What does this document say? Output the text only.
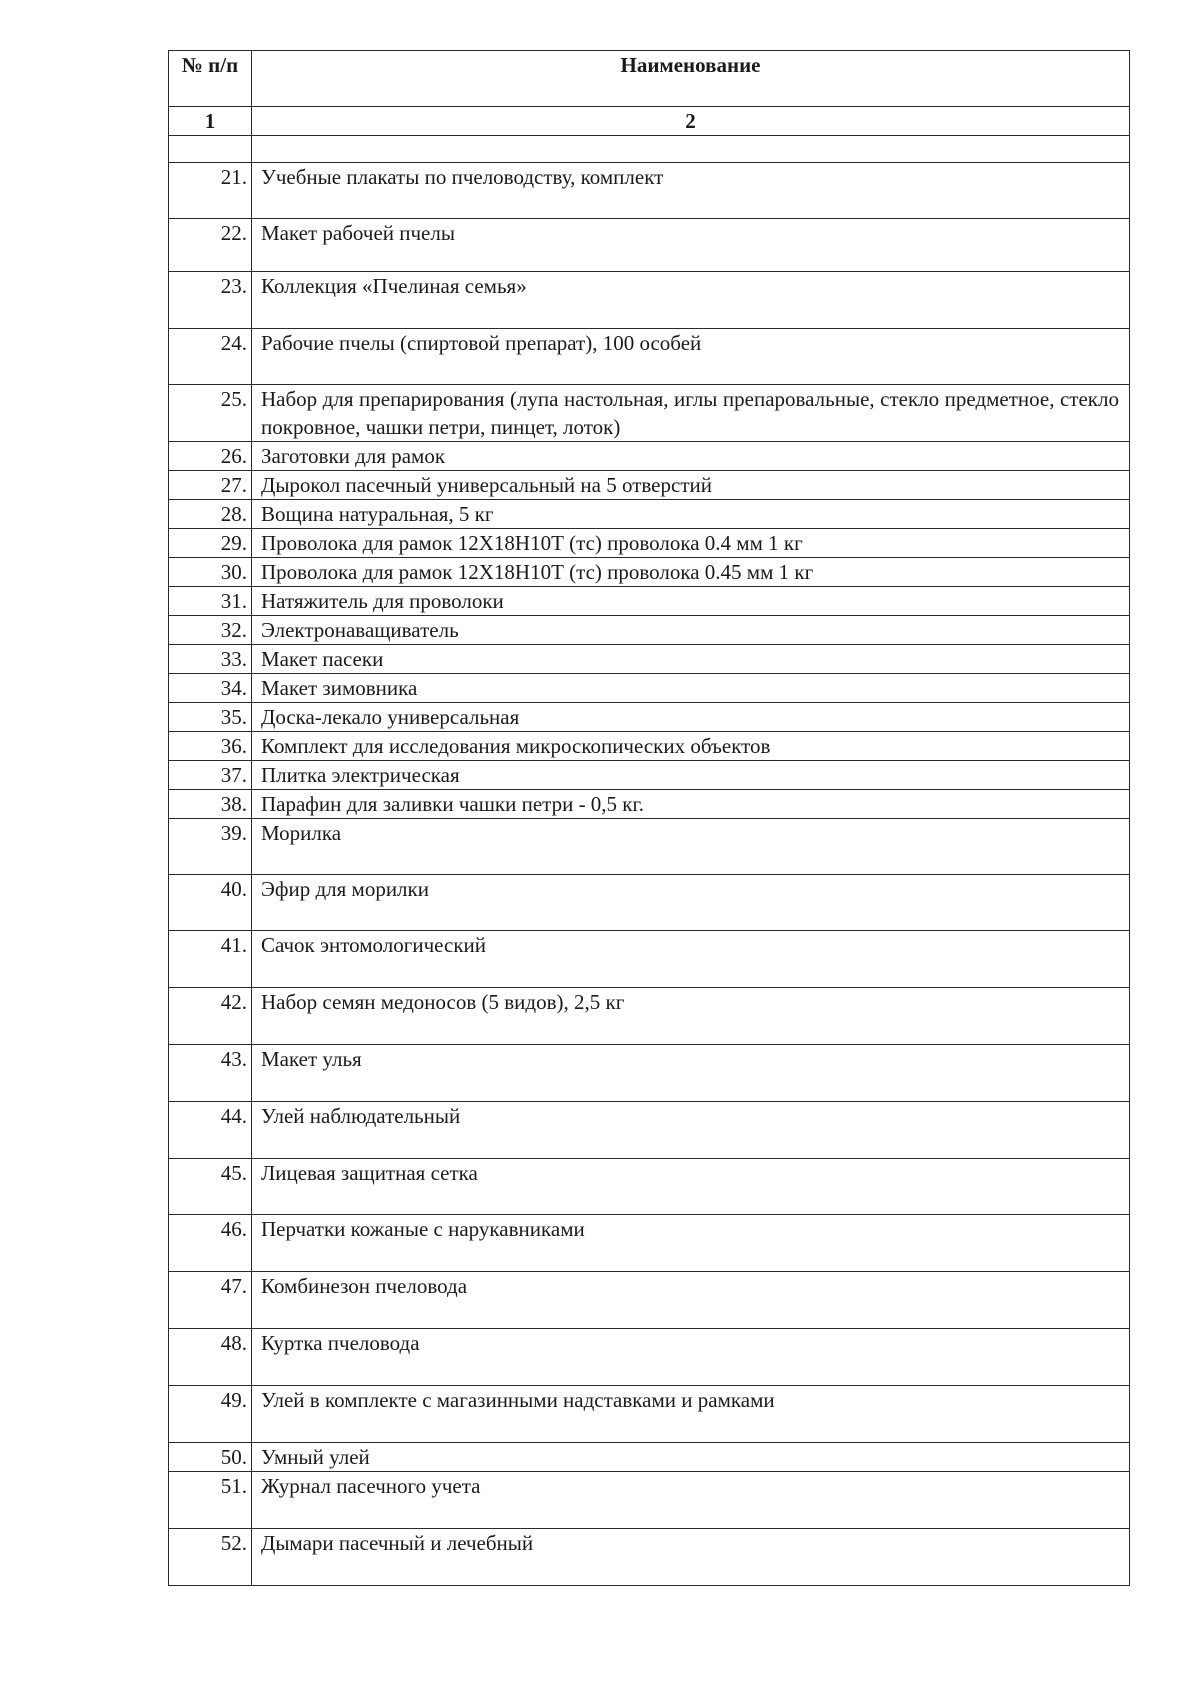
№ п/п	Наименование
1	2

21.	Учебные плакаты по пчеловодству, комплект
22.	Макет рабочей пчелы
23.	Коллекция «Пчелиная семья»
24.	Рабочие пчелы (спиртовой препарат), 100 особей
25.	Набор для препарирования (лупа настольная, иглы препаровальные, стекло предметное, стекло покровное, чашки петри, пинцет, лоток)
26.	Заготовки для рамок
27.	Дырокол пасечный универсальный на 5 отверстий
28.	Вощина натуральная, 5 кг
29.	Проволока для рамок 12Х18Н10Т (тс) проволока 0.4 мм 1 кг
30.	Проволока для рамок 12Х18Н10Т (тс) проволока 0.45 мм 1 кг
31.	Натяжитель для проволоки
32.	Электронаващиватель
33.	Макет пасеки
34.	Макет зимовника
35.	Доска-лекало универсальная
36.	Комплект для исследования микроскопических объектов
37.	Плитка электрическая
38.	Парафин для заливки чашки петри - 0,5 кг.
39.	Морилка
40.	Эфир для морилки
41.	Сачок энтомологический
42.	Набор семян медоносов (5 видов), 2,5 кг
43.	Макет улья
44.	Улей наблюдательный
45.	Лицевая защитная сетка
46.	Перчатки кожаные с нарукавниками
47.	Комбинезон пчеловода
48.	Куртка пчеловода
49.	Улей в комплекте с магазинными надставками и рамками
50.	Умный улей
51.	Журнал пасечного учета
52.	Дымари пасечный и лечебный
